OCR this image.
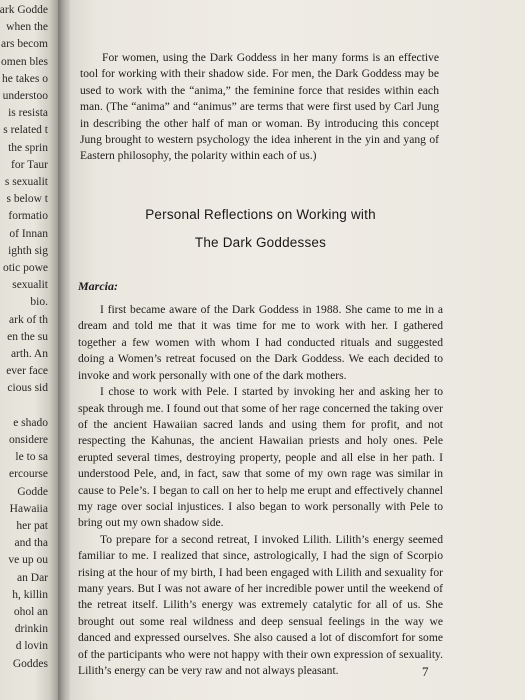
ark Godde
when the
ars becom
omen bles
he takes o
understoo
is resista
s related t
the sprin
for Taur
s sexualit
s below t
formatio
of Innan
ighth sig
otic powe
sexualit
bio.
ark of th
en the su
arth. An
ever face
cious sid
e shado
onsidere
le to sa
ercourse
Godde
Hawaiia
her pat
and tha
ve up ou
an Dar
h, killin
ohol an
drinkin
d lovin
Goddes

For women, using the Dark Goddess in her many forms is an effective tool for working with their shadow side. For men, the Dark Goddess may be used to work with the “anima,” the feminine force that resides within each man. (The “anima” and “animus” are terms that were first used by Carl Jung in describing the other half of man or woman. By introducing this concept Jung brought to western psychology the idea inherent in the yin and yang of Eastern philosophy, the polarity within each of us.)

Personal Reflections on Working with

The Dark Goddesses

Marcia:

I first became aware of the Dark Goddess in 1988. She came to me in a dream and told me that it was time for me to work with her. I gathered together a few women with whom I had conducted rituals and suggested doing a Women’s retreat focused on the Dark Goddess. We each decided to invoke and work personally with one of the dark mothers.

I chose to work with Pele. I started by invoking her and asking her to speak through me. I found out that some of her rage concerned the taking over of the ancient Hawaiian sacred lands and using them for profit, and not respecting the Kahunas, the ancient Hawaiian priests and holy ones. Pele erupted several times, destroying property, people and all else in her path. I understood Pele, and, in fact, saw that some of my own rage was similar in cause to Pele’s. I began to call on her to help me erupt and effectively channel my rage over social injustices. I also began to work personally with Pele to bring out my own shadow side.

To prepare for a second retreat, I invoked Lilith. Lilith’s energy seemed familiar to me. I realized that since, astrologically, I had the sign of Scorpio rising at the hour of my birth, I had been engaged with Lilith and sexuality for many years. But I was not aware of her incredible power until the weekend of the retreat itself. Lilith’s energy was extremely catalytic for all of us. She brought out some real wildness and deep sensual feelings in the way we danced and expressed ourselves. She also caused a lot of discomfort for some of the participants who were not happy with their own expression of sexuality. Lilith’s energy can be very raw and not always pleasant.	7
